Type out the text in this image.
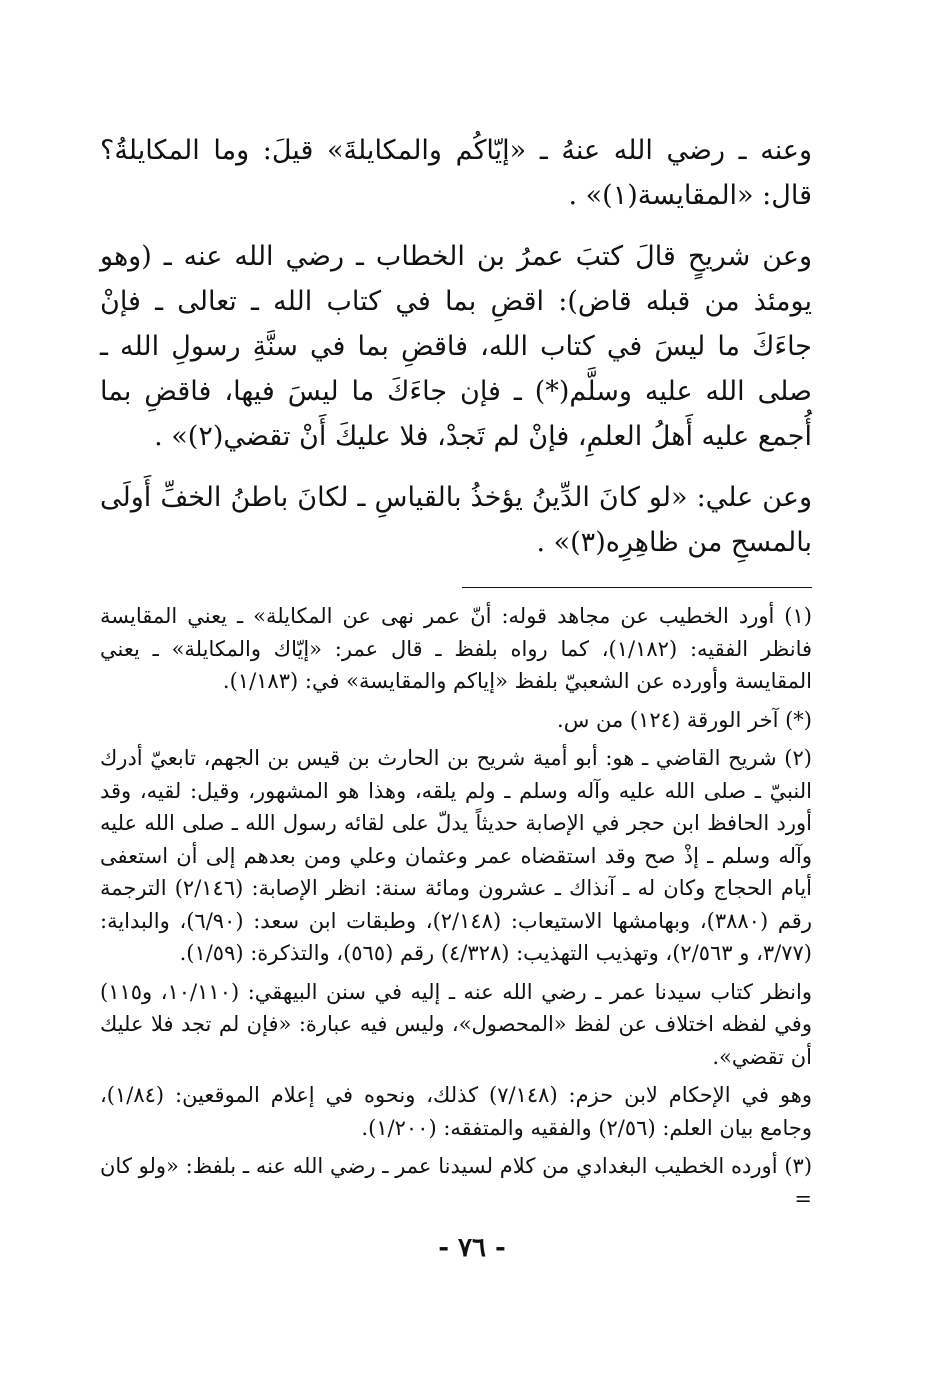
وعنه ـ رضي الله عنهُ ـ «إيّاكُم والمكايلةَ» قيلَ: وما المكايلةُ؟ قال: «المقايسة(١)» .

وعن شريحٍ قالَ كتبَ عمرُ بن الخطاب ـ رضي الله عنه ـ (وهو يومئذ من قبله قاض): اقضِ بما في كتاب الله ـ تعالى ـ فإنْ جاءَكَ ما ليسَ في كتاب الله، فاقضِ بما في سنَّةِ رسولِ الله ـ صلى الله عليه وسلَّم(*) ـ فإن جاءَكَ ما ليسَ فيها، فاقضِ بما أُجمع عليه أَهلُ العلمِ، فإنْ لم تَجدْ، فلا عليكَ أَنْ تقضي(٢)» .

وعن علي: «لو كانَ الدِّينُ يؤخذُ بالقياسِ ـ لكانَ باطنُ الخفِّ أَولَى بالمسحِ من ظاهِرِه(٣)» .

(١) أورد الخطيب عن مجاهد قوله: أنّ عمر نهى عن المكايلة» ـ يعني المقايسة فانظر الفقيه: (١/١٨٢)، كما رواه بلفظ ـ قال عمر: «إيّاك والمكايلة» ـ يعني المقايسة وأورده عن الشعبيّ بلفظ «إياكم والمقايسة» في: (١/١٨٣).

(*) آخر الورقة (١٢٤) من س.

(٢) شريح القاضي ـ هو: أبو أمية شريح بن الحارث بن قيس بن الجهم، تابعيّ أدرك النبيّ ـ صلى الله عليه وآله وسلم ـ ولم يلقه، وهذا هو المشهور، وقيل: لقيه، وقد أورد الحافظ ابن حجر في الإصابة حديثاً يدلّ على لقائه رسول الله ـ صلى الله عليه وآله وسلم ـ إذْ صح وقد استقضاه عمر وعثمان وعلي ومن بعدهم إلى أن استعفى أيام الحجاج وكان له ـ آنذاك ـ عشرون ومائة سنة: انظر الإصابة: (٢/١٤٦) الترجمة رقم (٣٨٨٠)، وبهامشها الاستيعاب: (٢/١٤٨)، وطبقات ابن سعد: (٦/٩٠)، والبداية: (٣/٧٧، و ٢/٥٦٣)، وتهذيب التهذيب: (٤/٣٢٨) رقم (٥٦٥)، والتذكرة: (١/٥٩).

وانظر كتاب سيدنا عمر ـ رضي الله عنه ـ إليه في سنن البيهقي: (١٠/١١٠، و١١٥) وفي لفظه اختلاف عن لفظ «المحصول»، وليس فيه عبارة: «فإن لم تجد فلا عليك أن تقضي».

وهو في الإحكام لابن حزم: (٧/١٤٨) كذلك، ونحوه في إعلام الموقعين: (١/٨٤)، وجامع بيان العلم: (٢/٥٦) والفقيه والمتفقه: (١/٢٠٠).

(٣) أورده الخطيب البغدادي من كلام لسيدنا عمر ـ رضي الله عنه ـ بلفظ: «ولو كان =

- ٧٦ -
